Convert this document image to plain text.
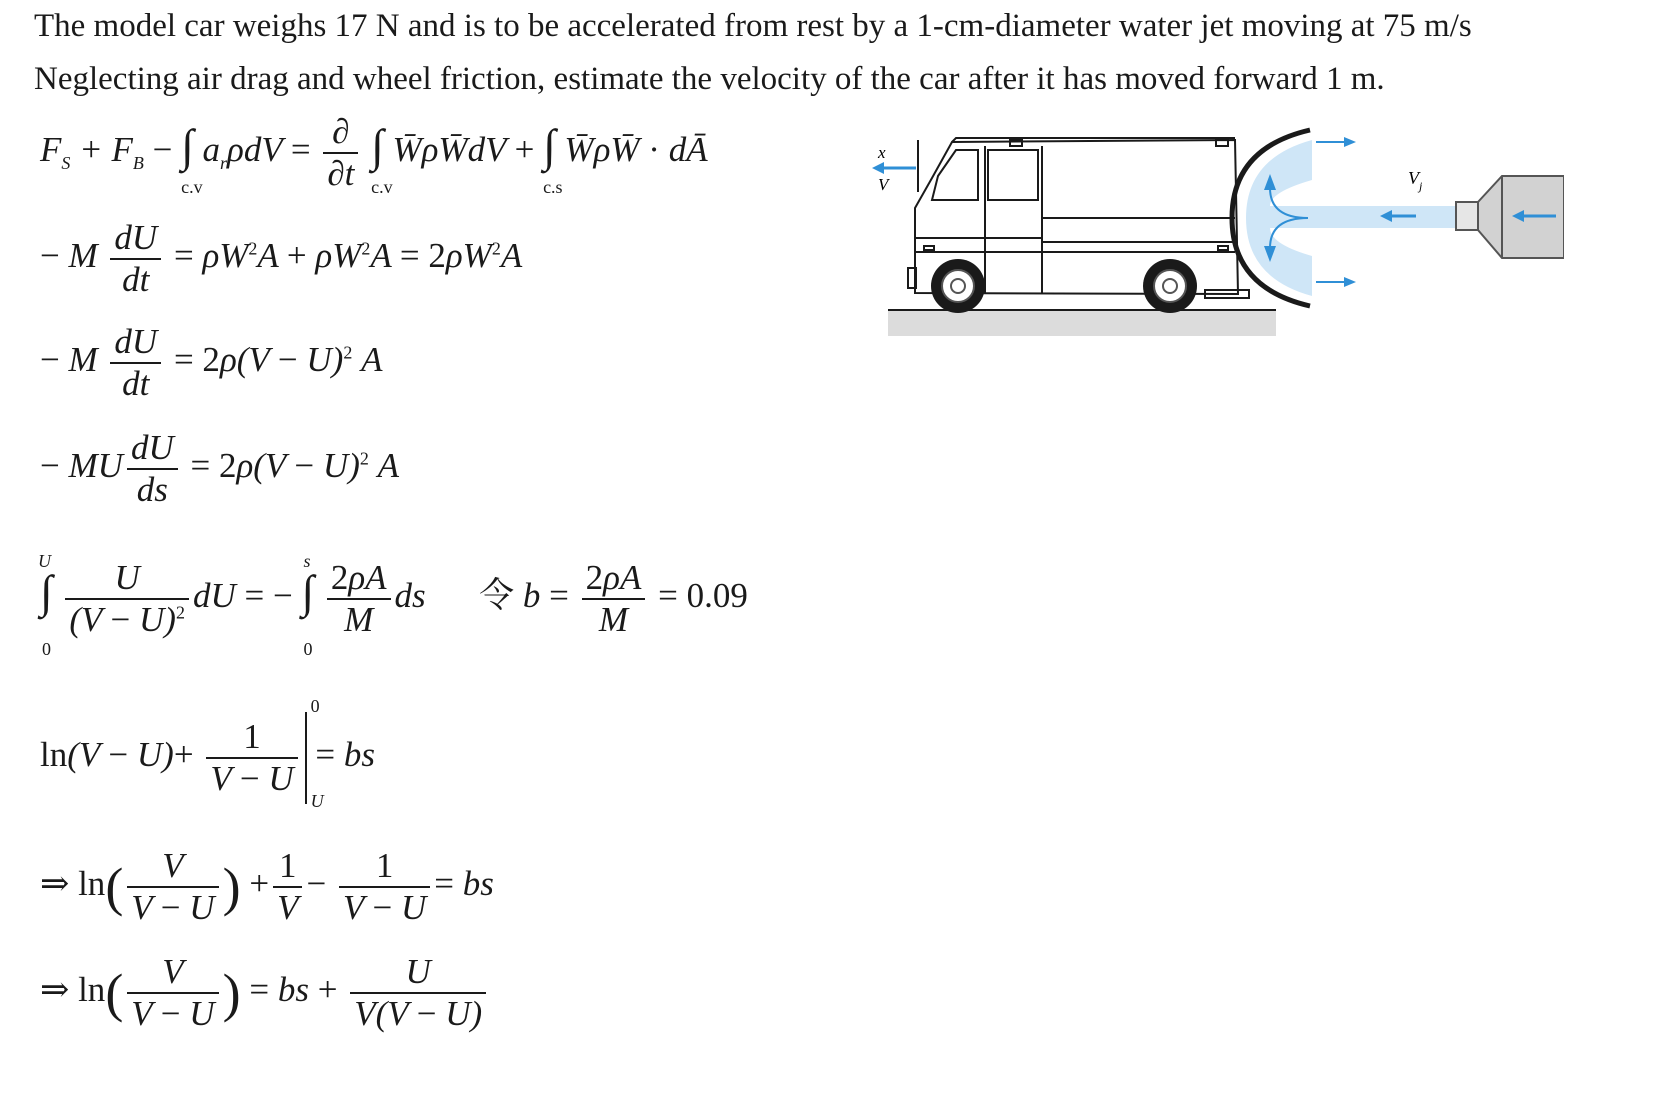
The model car weighs 17 N and is to be accelerated from rest by a 1-cm-diameter water jet moving at 75 m/s
Neglecting air drag and wheel friction, estimate the velocity of the car after it has moved forward 1 m.
$F_S + F_B$ − ∫
c.v
$a_r\rho dV = \frac{\partial}{\partial t}$ ∫
c.v
W̄ρW̄dV + ∫
c.s
W̄ρW̄ · dĀ
− M $\frac{dU}{dt} = \rho W^2A + \rho W^2A = 2\rho W^2A$
− M $\frac{dU}{dt} = 2\rho(V - U)^2$ A
− MU $\frac{dU}{ds} = 2\rho(V - U)^2$ A
∫
U
0

$\frac{U}{(V - U)^2}$ dU = − ∫
s
0

$\frac{2\rho A}{M}$ ds  令 $b = \frac{2\rho A}{M} = 0.09$
$\ln(V - U)+ \frac{1}{V - U}$
0
U
= bs
⇒ $\ln( \frac{V}{V - U}$ ) + $\frac{1}{V} - \frac{1}{V - U}$ = bs
⇒ $\ln( \frac{V}{V - U}$ ) = bs + $\frac{U}{V(V - U)}$
x
V	V j
